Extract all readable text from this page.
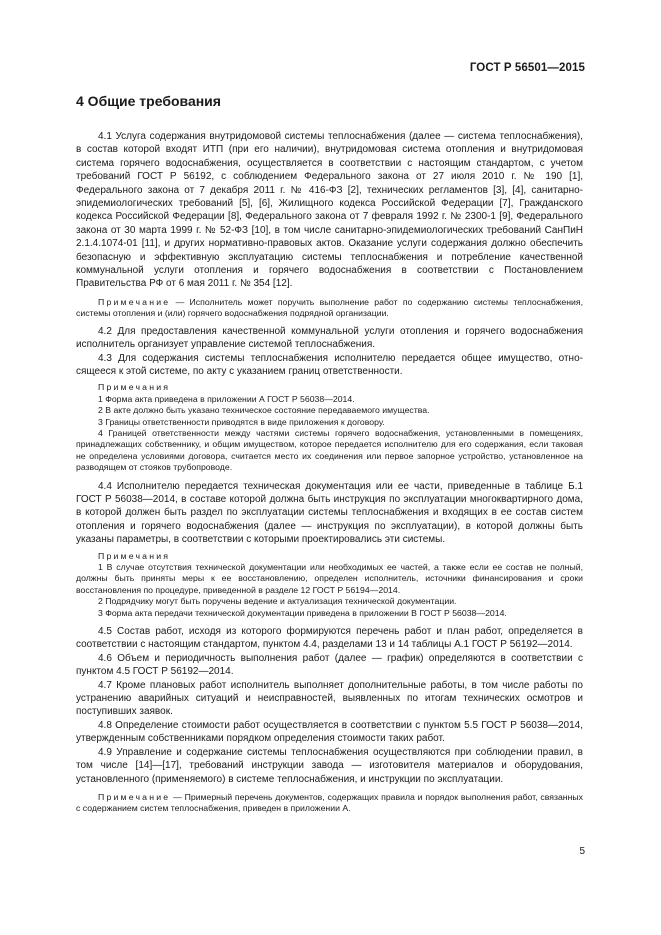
ГОСТ Р 56501—2015
4 Общие требования

4.1 Услуга содержания внутридомовой системы теплоснабжения (далее — система теплоснабжения), в состав которой входят ИТП (при его наличии), внутридомовая система отопления и внутридомовая система горячего водоснабжения, осуществляется в соответствии с настоящим стандартом, с учетом требований ГОСТ Р 56192, с соблюдением Федерального закона от 27 июля 2010 г. № 190 [1], Федерального закона от 7 декабря 2011 г. № 416-ФЗ [2], технических регламентов [3], [4], санитарно-эпидемиологических требований [5], [6], Жилищного кодекса Российской Федерации [7], Гражданского кодекса Российской Федерации [8], Федерального закона от 7 февраля 1992 г. № 2300-1 [9], Федерального закона от 30 марта 1999 г. № 52-ФЗ [10], в том числе санитарно-эпидемиологических требований СанПиН 2.1.4.1074-01 [11], и других нормативно-правовых актов. Оказание услуги содержания должно обеспечить безопасную и эффективную эксплуатацию системы теплоснабжения и потребление качественной коммунальной услуги отопления и горячего водоснабжения в соответствии с Постановлением Правительства РФ от 6 мая 2011 г. № 354 [12].

Примечание — Исполнитель может поручить выполнение работ по содержанию системы теплоснабжения, системы отопления и (или) горячего водоснабжения подрядной организации.

4.2 Для предоставления качественной коммунальной услуги отопления и горячего водоснабжения исполнитель организует управление системой теплоснабжения.

4.3 Для содержания системы теплоснабжения исполнителю передается общее имущество, относящееся к этой системе, по акту с указанием границ ответственности.

Примечания

1 Форма акта приведена в приложении А ГОСТ Р 56038—2014.

2 В акте должно быть указано техническое состояние передаваемого имущества.

3 Границы ответственности приводятся в виде приложения к договору.

4 Границей ответственности между частями системы горячего водоснабжения, установленными в помещениях, принадлежащих собственнику, и общим имуществом, которое передается исполнителю для его содержания, если таковая не определена условиями договора, считается место их соединения или первое запорное устройство, установленное на разводящем от стояков трубопроводе.

4.4 Исполнителю передается техническая документация или ее части, приведенные в таблице Б.1 ГОСТ Р 56038—2014, в составе которой должна быть инструкция по эксплуатации многоквартирного дома, в которой должен быть раздел по эксплуатации системы теплоснабжения и входящих в ее состав систем отопления и горячего водоснабжения (далее — инструкция по эксплуатации), в которой должны быть указаны параметры, в соответствии с которыми проектировались эти системы.

Примечания

1 В случае отсутствия технической документации или необходимых ее частей, а также если ее состав не полный, должны быть приняты меры к ее восстановлению, определен исполнитель, источники финансирования и сроки восстановления по процедуре, приведенной в разделе 12 ГОСТ Р 56194—2014.

2 Подрядчику могут быть поручены ведение и актуализация технической документации.

3 Форма акта передачи технической документации приведена в приложении В ГОСТ Р 56038—2014.

4.5 Состав работ, исходя из которого формируются перечень работ и план работ, определяется в соответствии с настоящим стандартом, пунктом 4.4, разделами 13 и 14 таблицы А.1 ГОСТ Р 56192—2014.

4.6 Объем и периодичность выполнения работ (далее — график) определяются в соответствии с пунктом 4.5 ГОСТ Р 56192—2014.

4.7 Кроме плановых работ исполнитель выполняет дополнительные работы, в том числе работы по устранению аварийных ситуаций и неисправностей, выявленных по итогам технических осмотров и поступивших заявок.

4.8 Определение стоимости работ осуществляется в соответствии с пунктом 5.5 ГОСТ Р 56038—2014, утвержденным собственниками порядком определения стоимости таких работ.

4.9 Управление и содержание системы теплоснабжения осуществляются при соблюдении правил, в том числе [14]—[17], требований инструкции завода — изготовителя материалов и оборудования, установленного (применяемого) в системе теплоснабжения, и инструкции по эксплуатации.

Примечание — Примерный перечень документов, содержащих правила и порядок выполнения работ, связанных с содержанием систем теплоснабжения, приведен в приложении А.

5
